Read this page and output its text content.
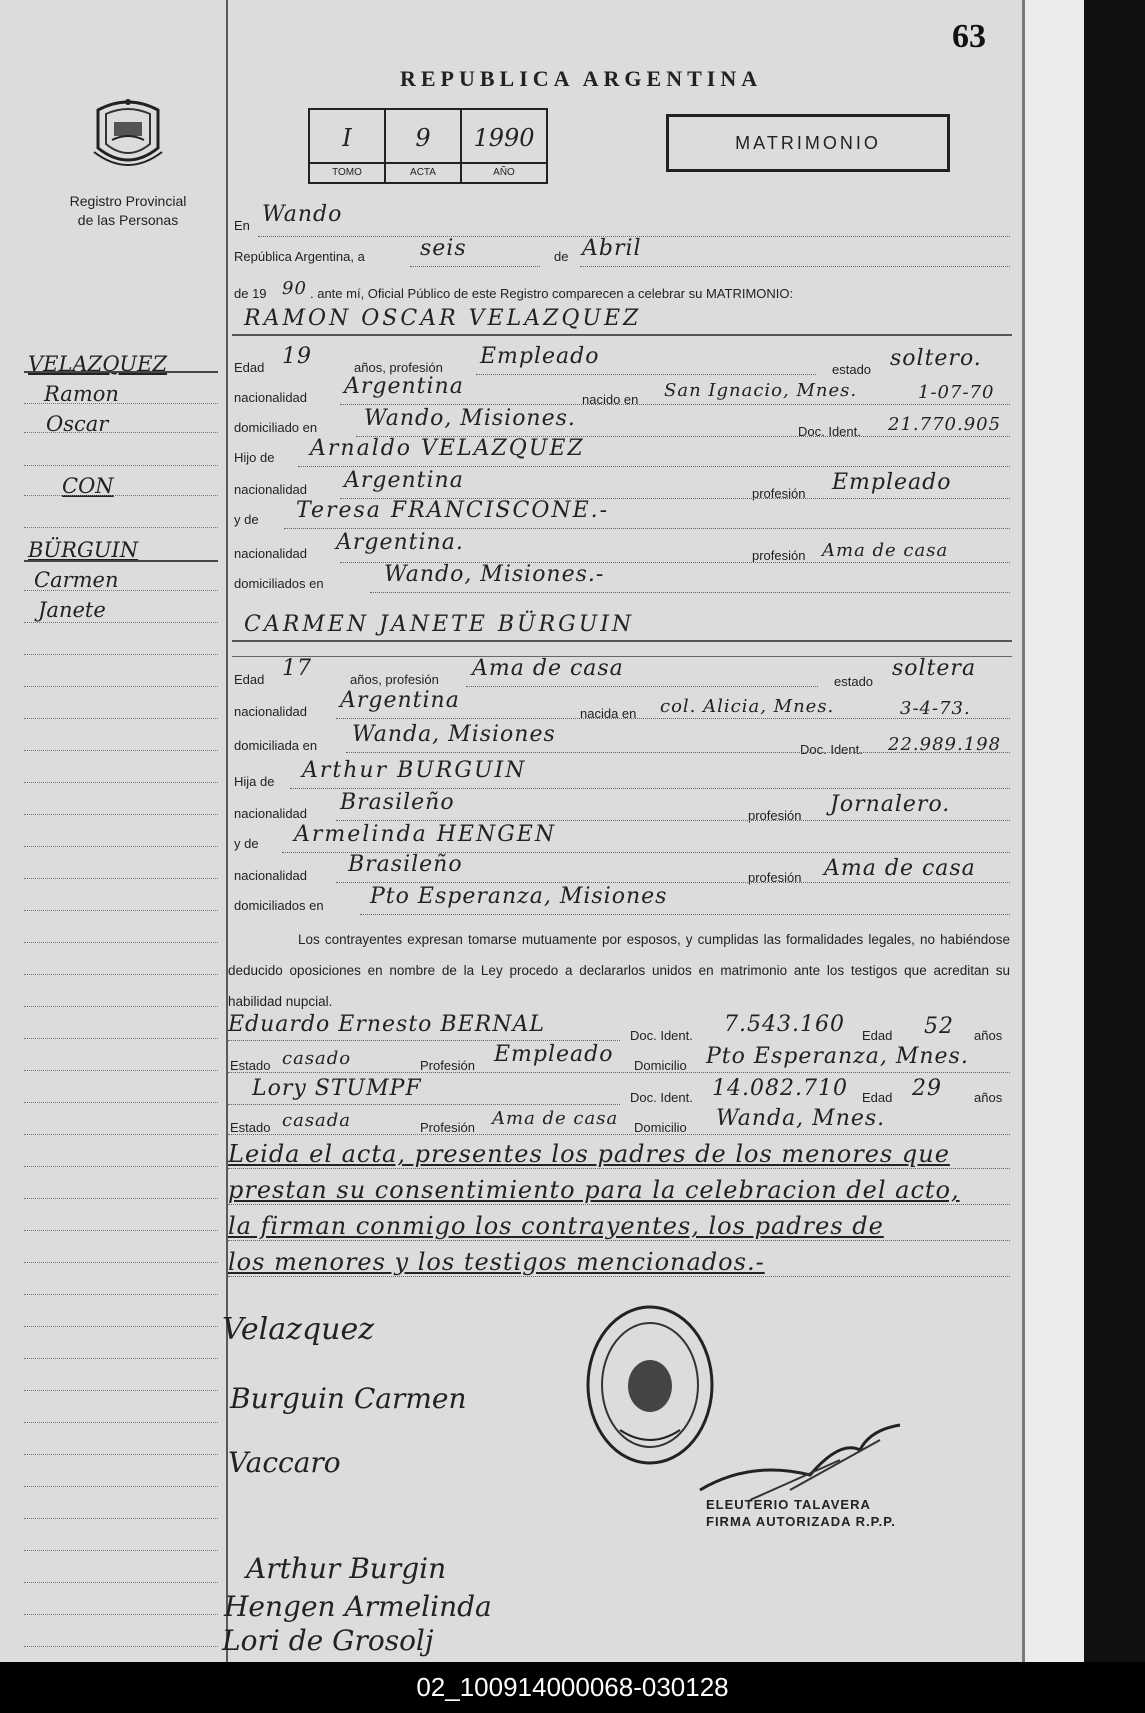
Registro Provincial
de las Personas
VELAZQUEZ
Ramon
Oscar
CON
BÜRGUIN
Carmen
Janete
63
REPUBLICA ARGENTINA
MATRIMONIO
I
TOMO
9
ACTA
1990
AÑO
En Wando
República Argentina, a	seis	de Abril
de 19 90 . ante mí, Oficial Público de este Registro comparecen a celebrar su MATRIMONIO:
RAMON OSCAR VELAZQUEZ
Edad 19	años, profesión Empleado
estado soltero.
nacionalidad Argentina
nacido en San Ignacio, Mnes.	1-07-70
domiciliado en Wando, Misiones.
Doc. Ident. 21.770.905
Hijo de Arnaldo VELAZQUEZ
nacionalidad Argentina
profesión Empleado
y de Teresa FRANCISCONE.-
nacionalidad Argentina.
profesión Ama de casa
domiciliados en	Wando, Misiones.-
CARMEN JANETE BÜRGUIN
Edad 17	años, profesión Ama de casa
estado
soltera
nacionalidad Argentina
nacida en col. Alicia, Mnes.	3-4-73.
domiciliada en Wanda, Misiones
Doc. Ident. 22.989.198
Hija de Arthur BURGUIN
nacionalidad Brasileño
profesión Jornalero.
y de Armelinda HENGEN
nacionalidad Brasileño
profesión Ama de casa
domiciliados en Pto Esperanza, Misiones
Los contrayentes expresan tomarse mutuamente por esposos, y cumplidas las formalidades legales, no habiéndose deducido oposiciones en nombre de la Ley procedo a declararlos unidos en matrimonio ante los testigos que acreditan su habilidad nupcial.
Eduardo Ernesto BERNAL	Doc. Ident. 7.543.160 Edad 52 años
Estado casado	Profesión Empleado Domicilio Pto Esperanza, Mnes.
Lory STUMPF	Doc. Ident. 14.082.710 Edad 29 años
Estado casada	Profesión Ama de casa Domicilio Wanda, Mnes.
Leida el acta, presentes los padres de los menores que
prestan su consentimiento para la celebracion del acto,
la firman conmigo los contrayentes, los padres de
los menores y los testigos mencionados.-
Velazquez
Burguin Carmen
Vaccaro
Arthur Burgin
Hengen Armelinda
Lori de Grosolj
ELEUTERIO TALAVERA
FIRMA AUTORIZADA R.P.P.
02_100914000068-030128
